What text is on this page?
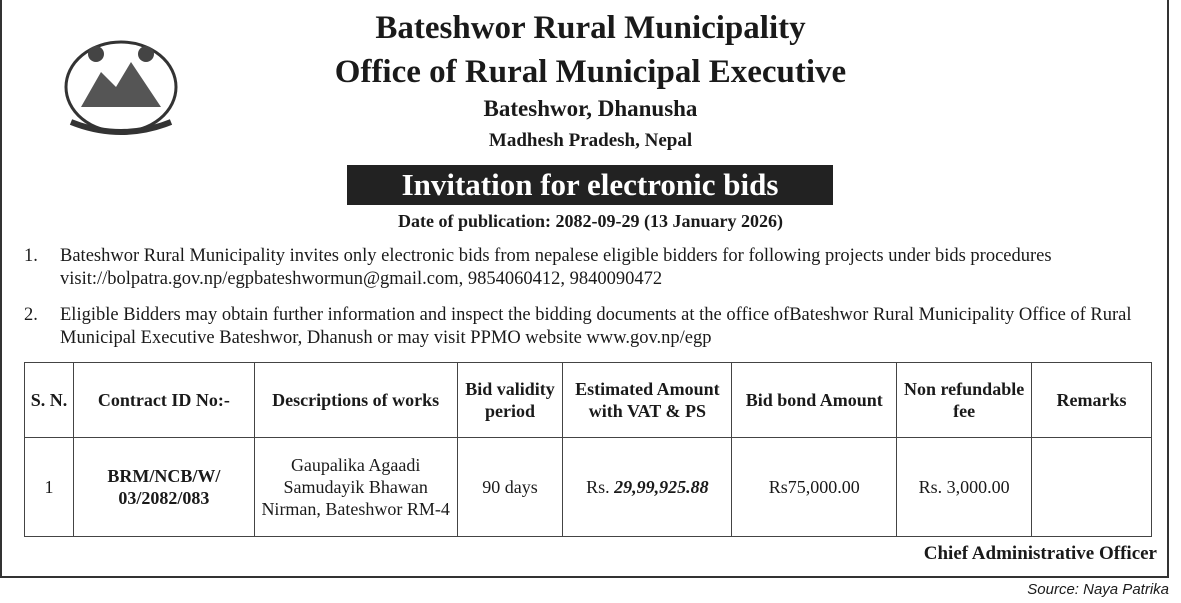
Bateshwor Rural Municipality
Office of Rural Municipal Executive
Bateshwor, Dhanusha
Madhesh Pradesh, Nepal
Invitation for electronic bids
Date of publication: 2082-09-29 (13 January 2026)
1.	Bateshwor Rural Municipality invites only electronic bids from nepalese eligible bidders for following projects under bids procedures visit://bolpatra.gov.np/egpbateshwormun@gmail.com, 9854060412, 9840090472
2.	Eligible Bidders may obtain further information and inspect the bidding documents at the office ofBateshwor Rural Municipality Office of Rural Municipal Executive Bateshwor, Dhanush or may visit PPMO website www.gov.np/egp
S. N.	Contract ID No:-	Descriptions of works	Bid validity period	Estimated Amount with VAT & PS	Bid bond Amount	Non refundable fee	Remarks
1	BRM/NCB/W/ 03/2082/083	Gaupalika Agaadi Samudayik Bhawan Nirman, Bateshwor RM-4	90 days	Rs. 29,99,925.88	Rs75,000.00	Rs. 3,000.00	
Chief Administrative Officer
Source: Naya Patrika
